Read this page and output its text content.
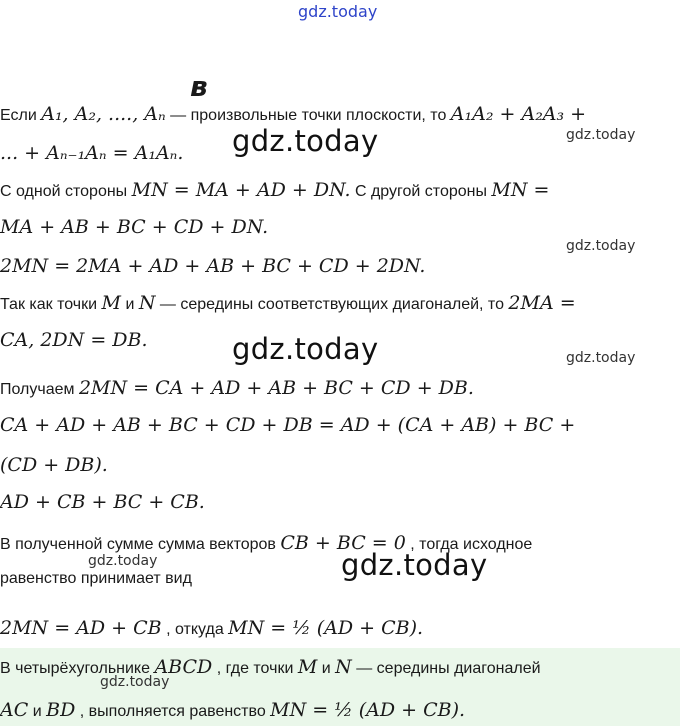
gdz.today
в
Если A₁, A₂, ...., Aₙ — произвольные точки плоскости, то A₁A₂ + A₂A₃ +
gdz.today
... + Aₙ₋₁Aₙ = A₁Aₙ. gdz.today
С одной стороны MN = MA + AD + DN. С другой стороны MN =
MA + AB + BC + CD + DN.
gdz.today
2MN = 2MA + AD + AB + BC + CD + 2DN.
Так как точки M и N — середины соответствующих диагоналей, то 2MA =
CA, 2DN = DB.	gdz.today	gdz.today
Получаем 2MN = CA + AD + AB + BC + CD + DB.
CA + AD + AB + BC + CD + DB = AD + (CA + AB) + BC +
(CD + DB).
AD + CB + BC + CB.
В полученной сумме сумма векторов CB + BC = 0 , тогда исходное
gdz.today	gdz.today
равенство принимает вид
2MN = AD + CB , откуда MN = ½ (AD + CB).
В четырёхугольнике ABCD , где точки M и N — середины диагоналей
gdz.today
AC и BD , выполняется равенство MN = ½ (AD + CB).
